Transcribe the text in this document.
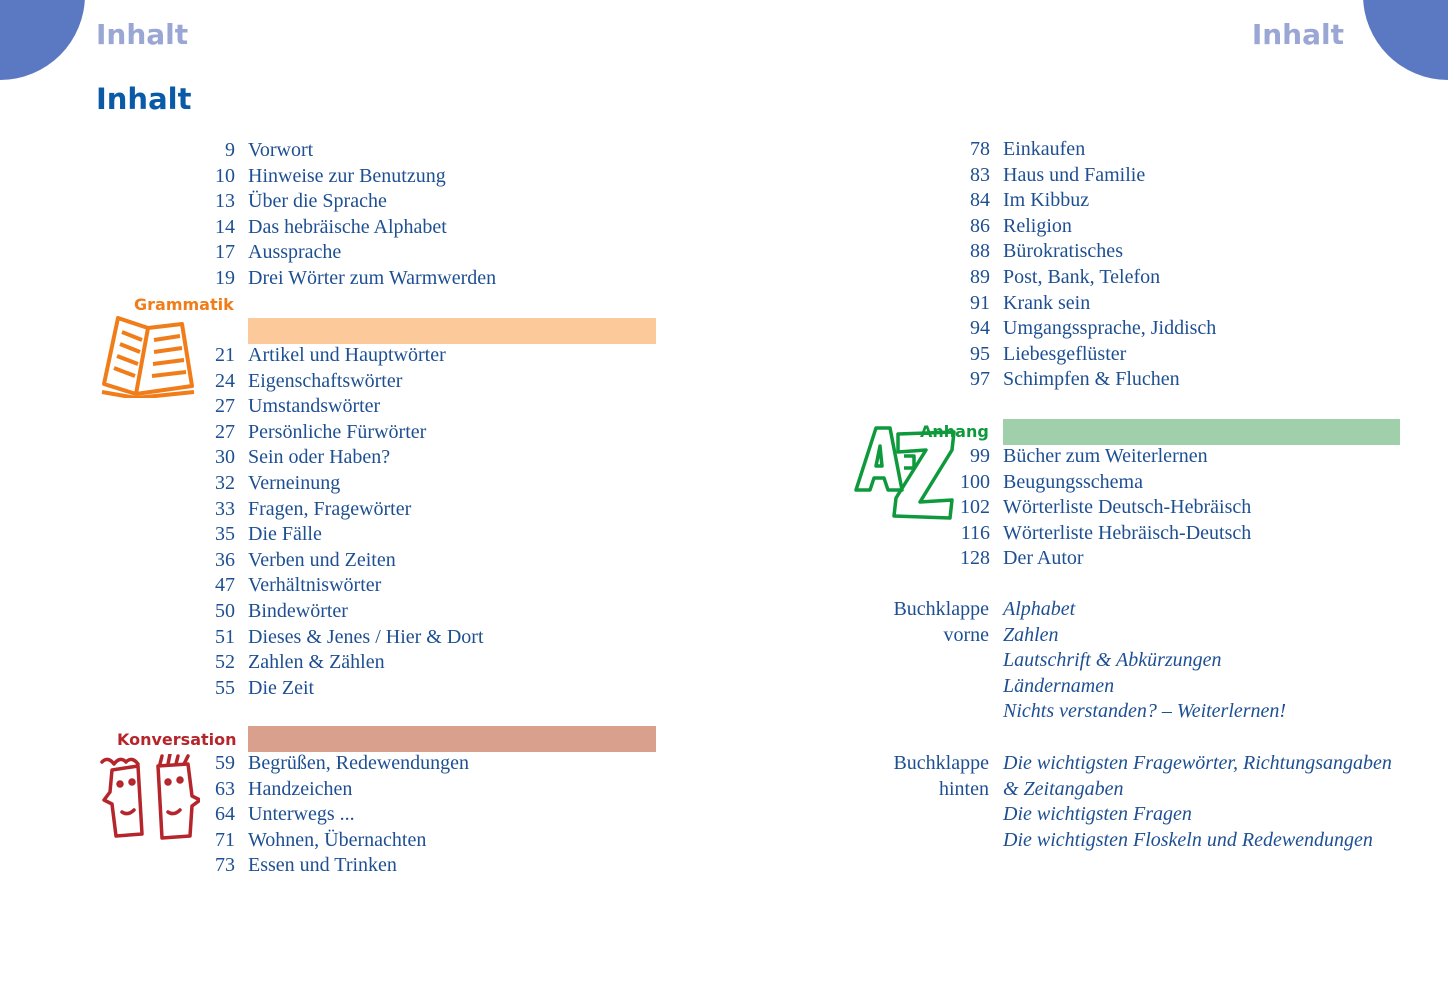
Inhalt	Inhalt
Inhalt
9 Vorwort
10 Hinweise zur Benutzung
13 Über die Sprache
14 Das hebräische Alphabet
17 Aussprache
19 Drei Wörter zum Warmwerden
Grammatik
21 Artikel und Hauptwörter
24 Eigenschaftswörter
27 Umstandswörter
27 Persönliche Fürwörter
30 Sein oder Haben?
32 Verneinung
33 Fragen, Fragewörter
35 Die Fälle
36 Verben und Zeiten
47 Verhältniswörter
50 Bindewörter
51 Dieses & Jenes / Hier & Dort
52 Zahlen & Zählen
55 Die Zeit
Konversation
59 Begrüßen, Redewendungen
63 Handzeichen
64 Unterwegs ...
71 Wohnen, Übernachten
73 Essen und Trinken
78 Einkaufen
83 Haus und Familie
84 Im Kibbuz
86 Religion
88 Bürokratisches
89 Post, Bank, Telefon
91 Krank sein
94 Umgangssprache, Jiddisch
95 Liebesgeflüster
97 Schimpfen & Fluchen
Anhang
99 Bücher zum Weiterlernen
100 Beugungsschema
102 Wörterliste Deutsch-Hebräisch
116 Wörterliste Hebräisch-Deutsch
128 Der Autor
Buchklappe
vorne
Alphabet
Zahlen
Lautschrift & Abkürzungen
Ländernamen
Nichts verstanden? – Weiterlernen!
Buchklappe
hinten
Die wichtigsten Fragewörter, Richtungsangaben
& Zeitangaben
Die wichtigsten Fragen
Die wichtigsten Floskeln und Redewendungen
